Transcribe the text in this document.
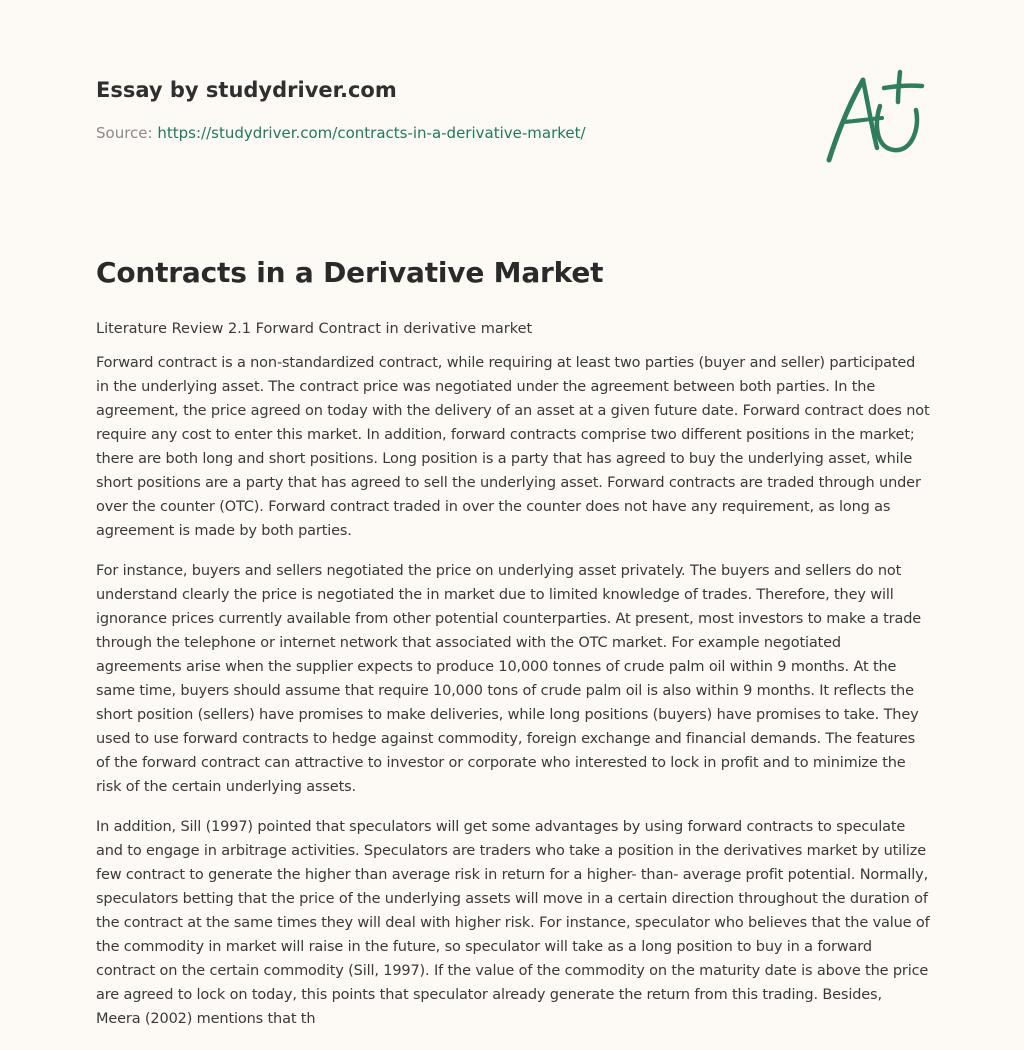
Essay by studydriver.com
Source: https://studydriver.com/contracts-in-a-derivative-market/
Contracts in a Derivative Market

Literature Review 2.1 Forward Contract in derivative market

Forward contract is a non-standardized contract, while requiring at least two parties (buyer and seller) participated in the underlying asset. The contract price was negotiated under the agreement between both parties. In the agreement, the price agreed on today with the delivery of an asset at a given future date. Forward contract does not require any cost to enter this market. In addition, forward contracts comprise two different positions in the market; there are both long and short positions. Long position is a party that has agreed to buy the underlying asset, while short positions are a party that has agreed to sell the underlying asset. Forward contracts are traded through under over the counter (OTC). Forward contract traded in over the counter does not have any requirement, as long as agreement is made by both parties.

For instance, buyers and sellers negotiated the price on underlying asset privately. The buyers and sellers do not understand clearly the price is negotiated the in market due to limited knowledge of trades. Therefore, they will ignorance prices currently available from other potential counterparties. At present, most investors to make a trade through the telephone or internet network that associated with the OTC market. For example negotiated agreements arise when the supplier expects to produce 10,000 tonnes of crude palm oil within 9 months. At the same time, buyers should assume that require 10,000 tons of crude palm oil is also within 9 months. It reflects the short position (sellers) have promises to make deliveries, while long positions (buyers) have promises to take. They used to use forward contracts to hedge against commodity, foreign exchange and financial demands. The features of the forward contract can attractive to investor or corporate who interested to lock in profit and to minimize the risk of the certain underlying assets.

In addition, Sill (1997) pointed that speculators will get some advantages by using forward contracts to speculate and to engage in arbitrage activities. Speculators are traders who take a position in the derivatives market by utilize few contract to generate the higher than average risk in return for a higher- than- average profit potential. Normally, speculators betting that the price of the underlying assets will move in a certain direction throughout the duration of the contract at the same times they will deal with higher risk. For instance, speculator who believes that the value of the commodity in market will raise in the future, so speculator will take as a long position to buy in a forward contract on the certain commodity (Sill, 1997). If the value of the commodity on the maturity date is above the price are agreed to lock on today, this points that speculator already generate the return from this trading. Besides, Meera (2002) mentions that th
